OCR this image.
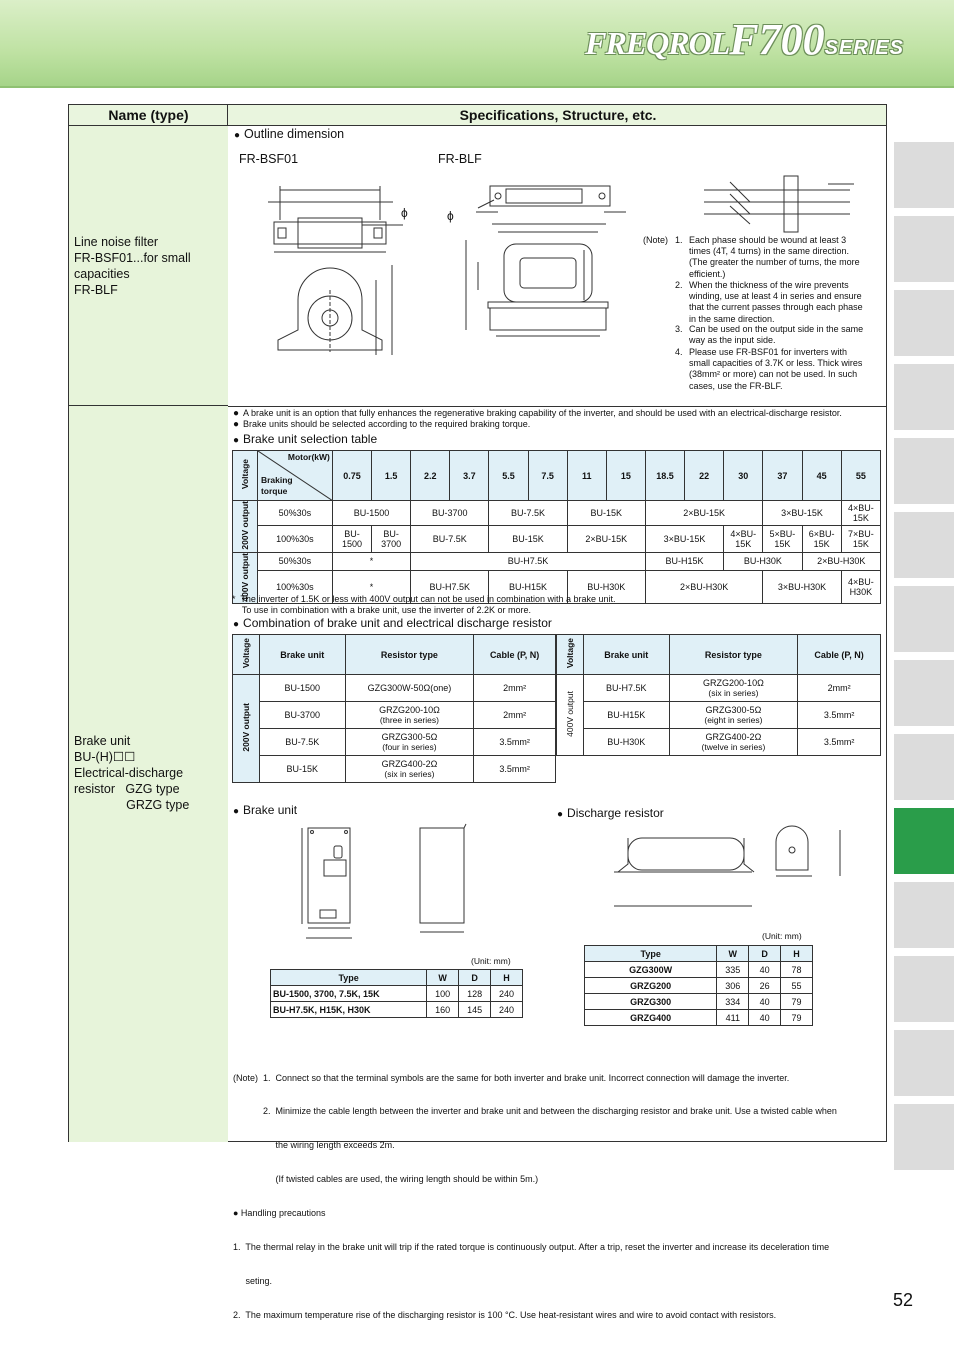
FREQROLF700SERIES
52
Name (type)	Specifications, Structure, etc.

Line noise filter

FR-BSF01...for small

capacities

FR-BLF

Brake unit

BU-(H)☐☐

Electrical-discharge

resistor   GZG type

GRZG type

● Outline dimension
FR-BSF01	FR-BLF
ϕ	ϕ
(Note) 1. Each phase should be wound at least 3
times (4T, 4 turns) in the same direction.
(The greater the number of turns, the more
efficient.)
2. When the thickness of the wire prevents
winding, use at least 4 in series and ensure
that the current passes through each phase
in the same direction.
3. Can be used on the output side in the same
way as the input side.
4. Please use FR-BSF01 for inverters with
small capacities of 3.7K or less. Thick wires
(38mm² or more) can not be used. In such
cases, use the FR-BLF.
● A brake unit is an option that fully enhances the regenerative braking capability of the inverter, and should be used with an electrical-discharge resistor.
● Brake units should be selected according to the required braking torque.
● Brake unit selection table
Voltage	Motor(kW)
Braking
torque	0.75	1.5	2.2	3.7	5.5	7.5	11	15	18.5	22	30	37	45	55
200V output	50%30s	BU-1500		BU-3700		BU-7.5K		BU-15K		2×BU-15K			3×BU-15K		4×BU-15K
	100%30s	BU-1500	BU-3700	BU-7.5K		BU-15K		2×BU-15K		3×BU-15K		4×BU-15K	5×BU-15K	6×BU-15K	7×BU-15K
400V output	50%30s	*		BU-H7.5K						BU-H15K		BU-H30K		2×BU-H30K	
	100%30s	*		BU-H7.5K		BU-H15K		BU-H30K		2×BU-H30K			3×BU-H30K		4×BU-H30K
*  The inverter of 1.5K or less with 400V output can not be used in combination with a brake unit.
To use in combination with a brake unit, use the inverter of 2.2K or more.
● Combination of brake unit and electrical discharge resistor
Voltage	Brake unit	Resistor type	Cable (P, N)
200V output	BU-1500	GZG300W-50Ω(one)	2mm²
	BU-3700	GRZG200-10Ω
(three in series)	2mm²
	BU-7.5K	GRZG300-5Ω
(four in series)	3.5mm²
	BU-15K	GRZG400-2Ω
(six in series)	3.5mm²
Voltage	Brake unit	Resistor type	Cable (P, N)
400V output	BU-H7.5K	GRZG200-10Ω
(six in series)	2mm²
	BU-H15K	GRZG300-5Ω
(eight in series)	3.5mm²
	BU-H30K	GRZG400-2Ω
(twelve in series)	3.5mm²
● Brake unit	● Discharge resistor
(Unit: mm)
(Unit: mm)
Type	W	D	H
GZG300W	335	40	78
GRZG200	306	26	55
GRZG300	334	40	79
GRZG400	411	40	79
Type	W	D	H
BU-1500, 3700, 7.5K, 15K	100	128	240
BU-H7.5K, H15K, H30K	160	145	240

(Note)  1.  Connect so that the terminal symbols are the same for both inverter and brake unit. Incorrect connection will damage the inverter.

2.  Minimize the cable length between the inverter and brake unit and between the discharging resistor and brake unit. Use a twisted cable when

the wiring length exceeds 2m.

(If twisted cables are used, the wiring length should be within 5m.)

● Handling precautions

1.  The thermal relay in the brake unit will trip if the rated torque is continuously output. After a trip, reset the inverter and increase its deceleration time

seting.

2.  The maximum temperature rise of the discharging resistor is 100 °C. Use heat-resistant wires and wire to avoid contact with resistors.
